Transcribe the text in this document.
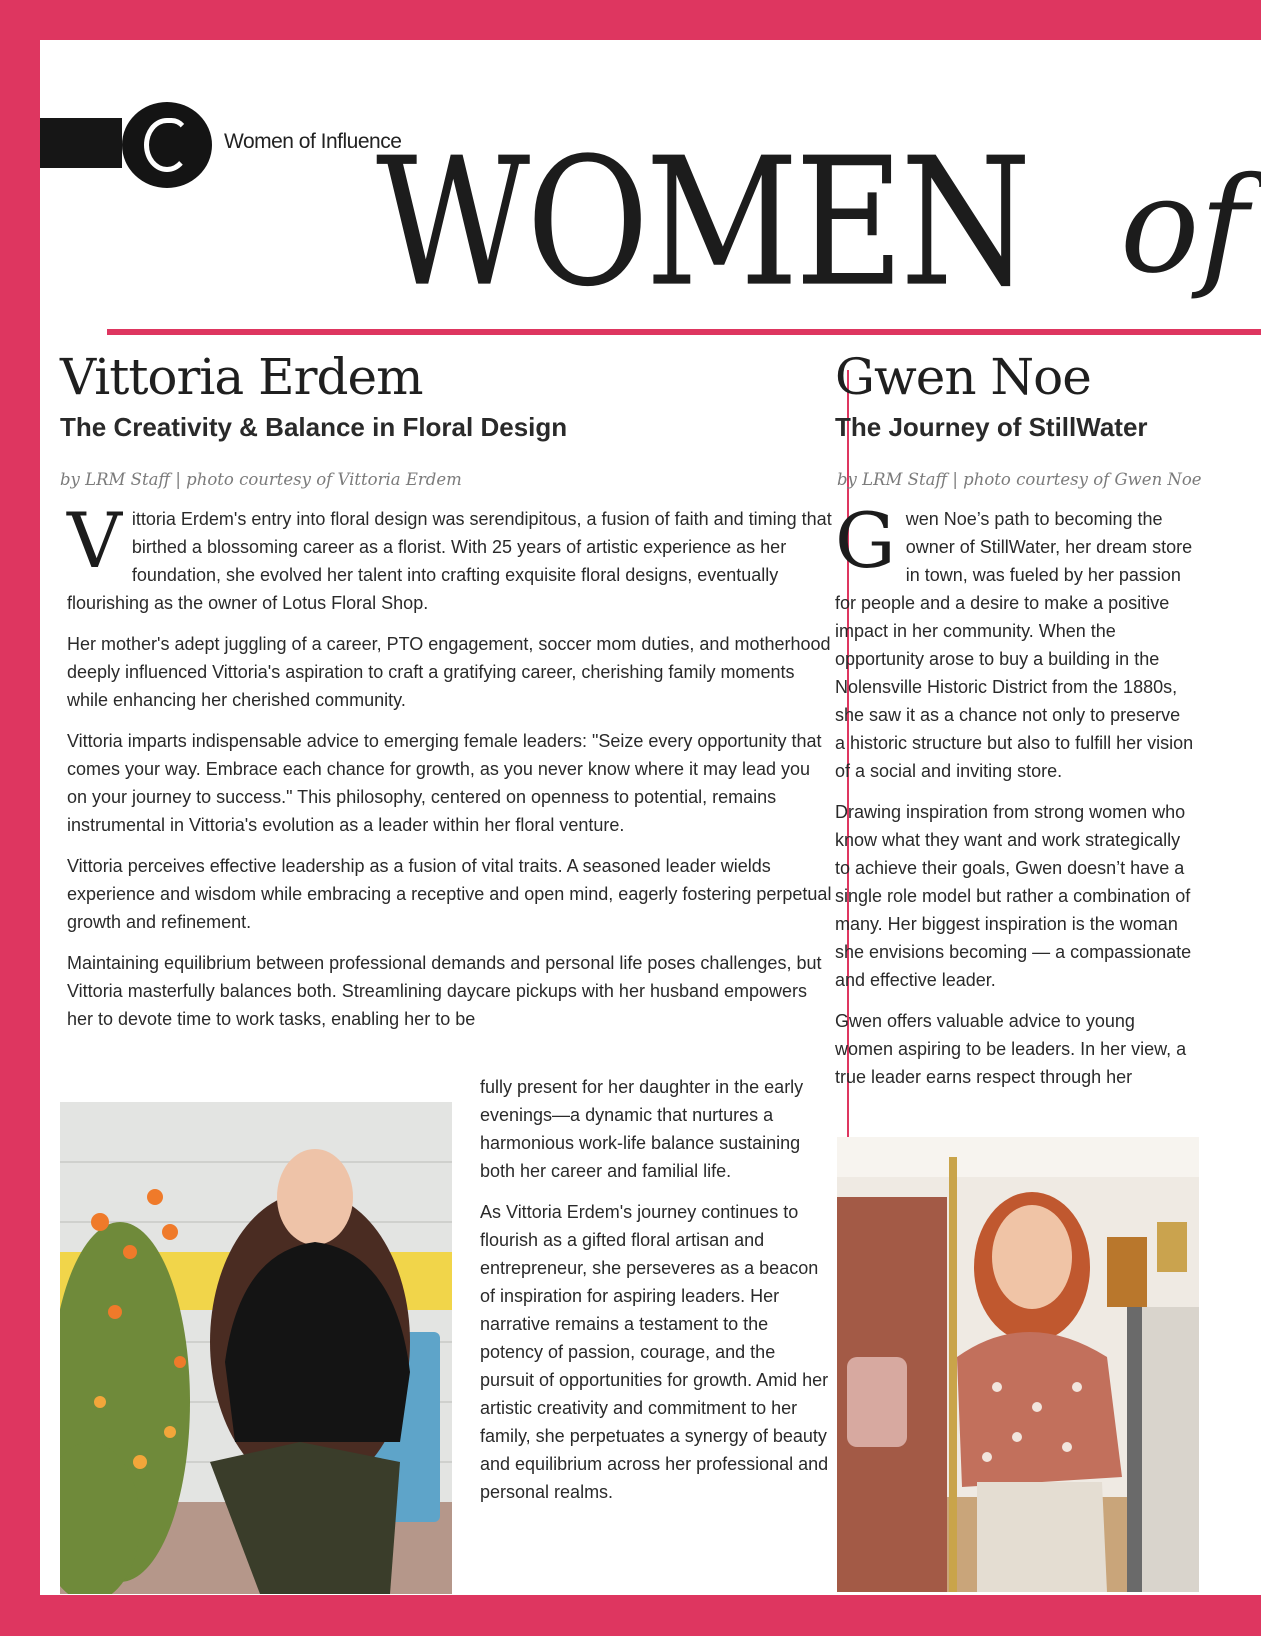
Women of Influence
WOMEN of
Vittoria Erdem
The Creativity & Balance in Floral Design
by LRM Staff | photo courtesy of Vittoria Erdem

Vittoria Erdem's entry into floral design was serendipitous, a fusion of faith and timing that birthed a blossoming career as a florist. With 25 years of artistic experience as her foundation, she evolved her talent into crafting exquisite floral designs, eventually flourishing as the owner of Lotus Floral Shop.

Her mother's adept juggling of a career, PTO engagement, soccer mom duties, and motherhood deeply influenced Vittoria's aspiration to craft a gratifying career, cherishing family moments while enhancing her cherished community.

Vittoria imparts indispensable advice to emerging female leaders: "Seize every opportunity that comes your way. Embrace each chance for growth, as you never know where it may lead you on your journey to success." This philosophy, centered on openness to potential, remains instrumental in Vittoria's evolution as a leader within her floral venture.

Vittoria perceives effective leadership as a fusion of vital traits. A seasoned leader wields experience and wisdom while embracing a receptive and open mind, eagerly fostering perpetual growth and refinement.

Maintaining equilibrium between professional demands and personal life poses challenges, but Vittoria masterfully balances both. Streamlining daycare pickups with her husband empowers her to devote time to work tasks, enabling her to be

fully present for her daughter in the early evenings—a dynamic that nurtures a harmonious work-life balance sustaining both her career and familial life.

As Vittoria Erdem's journey continues to flourish as a gifted floral artisan and entrepreneur, she perseveres as a beacon of inspiration for aspiring leaders. Her narrative remains a testament to the potency of passion, courage, and the pursuit of opportunities for growth. Amid her artistic creativity and commitment to her family, she perpetuates a synergy of beauty and equilibrium across her professional and personal realms.

Gwen Noe
The Journey of StillWater
by LRM Staff | photo courtesy of Gwen Noe

Gwen Noe’s path to becoming the owner of StillWater, her dream store in town, was fueled by her passion for people and a desire to make a positive impact in her community. When the opportunity arose to buy a building in the Nolensville Historic District from the 1880s, she saw it as a chance not only to preserve a historic structure but also to fulfill her vision of a social and inviting store.

Drawing inspiration from strong women who know what they want and work strategically to achieve their goals, Gwen doesn’t have a single role model but rather a combination of many. Her biggest inspiration is the woman she envisions becoming — a compassionate and effective leader.

Gwen offers valuable advice to young women aspiring to be leaders. In her view, a true leader earns respect through her
